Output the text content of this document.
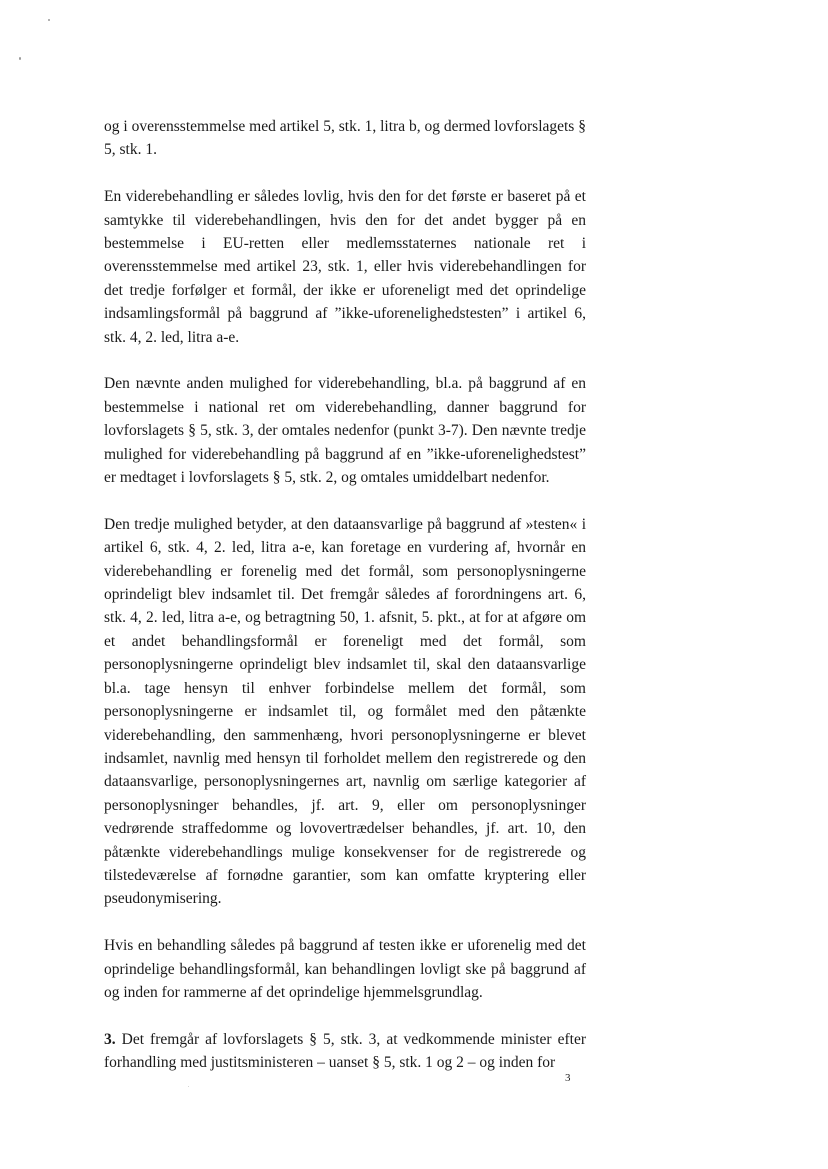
og i overensstemmelse med artikel 5, stk. 1, litra b, og dermed lovforslagets § 5, stk. 1.

En viderebehandling er således lovlig, hvis den for det første er baseret på et samtykke til viderebehandlingen, hvis den for det andet bygger på en bestemmelse i EU-retten eller medlemsstaternes nationale ret i overensstemmelse med artikel 23, stk. 1, eller hvis viderebehandlingen for det tredje forfølger et formål, der ikke er uforeneligt med det oprindelige indsamlingsformål på baggrund af ”ikke-uforenelighedstesten” i artikel 6, stk. 4, 2. led, litra a-e.

Den nævnte anden mulighed for viderebehandling, bl.a. på baggrund af en bestemmelse i national ret om viderebehandling, danner baggrund for lovforslagets § 5, stk. 3, der omtales nedenfor (punkt 3-7). Den nævnte tredje mulighed for viderebehandling på baggrund af en ”ikke-uforenelighedstest” er medtaget i lovforslagets § 5, stk. 2, og omtales umiddelbart nedenfor.

Den tredje mulighed betyder, at den dataansvarlige på baggrund af »testen« i artikel 6, stk. 4, 2. led, litra a-e, kan foretage en vurdering af, hvornår en viderebehandling er forenelig med det formål, som personoplysningerne oprindeligt blev indsamlet til. Det fremgår således af forordningens art. 6, stk. 4, 2. led, litra a-e, og betragtning 50, 1. afsnit, 5. pkt., at for at afgøre om et andet behandlingsformål er foreneligt med det formål, som personoplysningerne oprindeligt blev indsamlet til, skal den dataansvarlige bl.a. tage hensyn til enhver forbindelse mellem det formål, som personoplysningerne er indsamlet til, og formålet med den påtænkte viderebehandling, den sammenhæng, hvori personoplysningerne er blevet indsamlet, navnlig med hensyn til forholdet mellem den registrerede og den dataansvarlige, personoplysningernes art, navnlig om særlige kategorier af personoplysninger behandles, jf. art. 9, eller om personoplysninger vedrørende straffedomme og lovovertrædelser behandles, jf. art. 10, den påtænkte viderebehandlings mulige konsekvenser for de registrerede og tilstedeværelse af fornødne garantier, som kan omfatte kryptering eller pseudonymisering.

Hvis en behandling således på baggrund af testen ikke er uforenelig med det oprindelige behandlingsformål, kan behandlingen lovligt ske på baggrund af og inden for rammerne af det oprindelige hjemmelsgrundlag.

3. Det fremgår af lovforslagets § 5, stk. 3, at vedkommende minister efter forhandling med justitsministeren – uanset § 5, stk. 1 og 2 – og inden for

3
